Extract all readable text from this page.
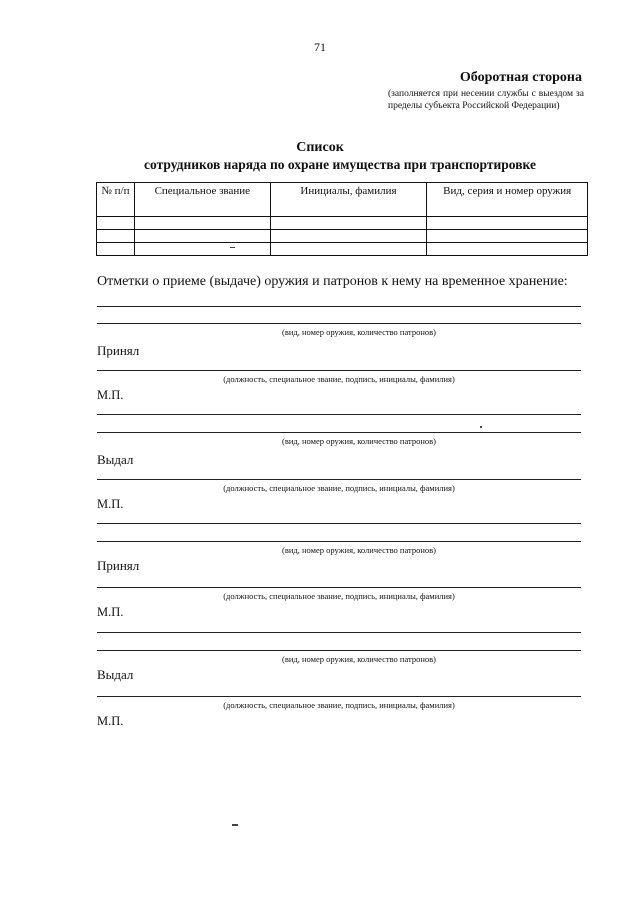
71
Оборотная сторона
(заполняется при несении службы с выездом за пределы субъекта Российской Федерации)
Список
сотрудников наряда по охране имущества при транспортировке
№ п/п	Специальное звание	Инициалы, фамилия	Вид, серия и номер оружия

Отметки о приеме (выдаче) оружия и патронов к нему на временное хранение:
(вид, номер оружия, количество патронов)
Принял
(должность, специальное звание, подпись, инициалы, фамилия)
М.П.
(вид, номер оружия, количество патронов)
Выдал
(должность, специальное звание, подпись, инициалы, фамилия)
М.П.
(вид, номер оружия, количество патронов)
Принял
(должность, специальное звание, подпись, инициалы, фамилия)
М.П.
(вид, номер оружия, количество патронов)
Выдал
(должность, специальное звание, подпись, инициалы, фамилия)
М.П.
